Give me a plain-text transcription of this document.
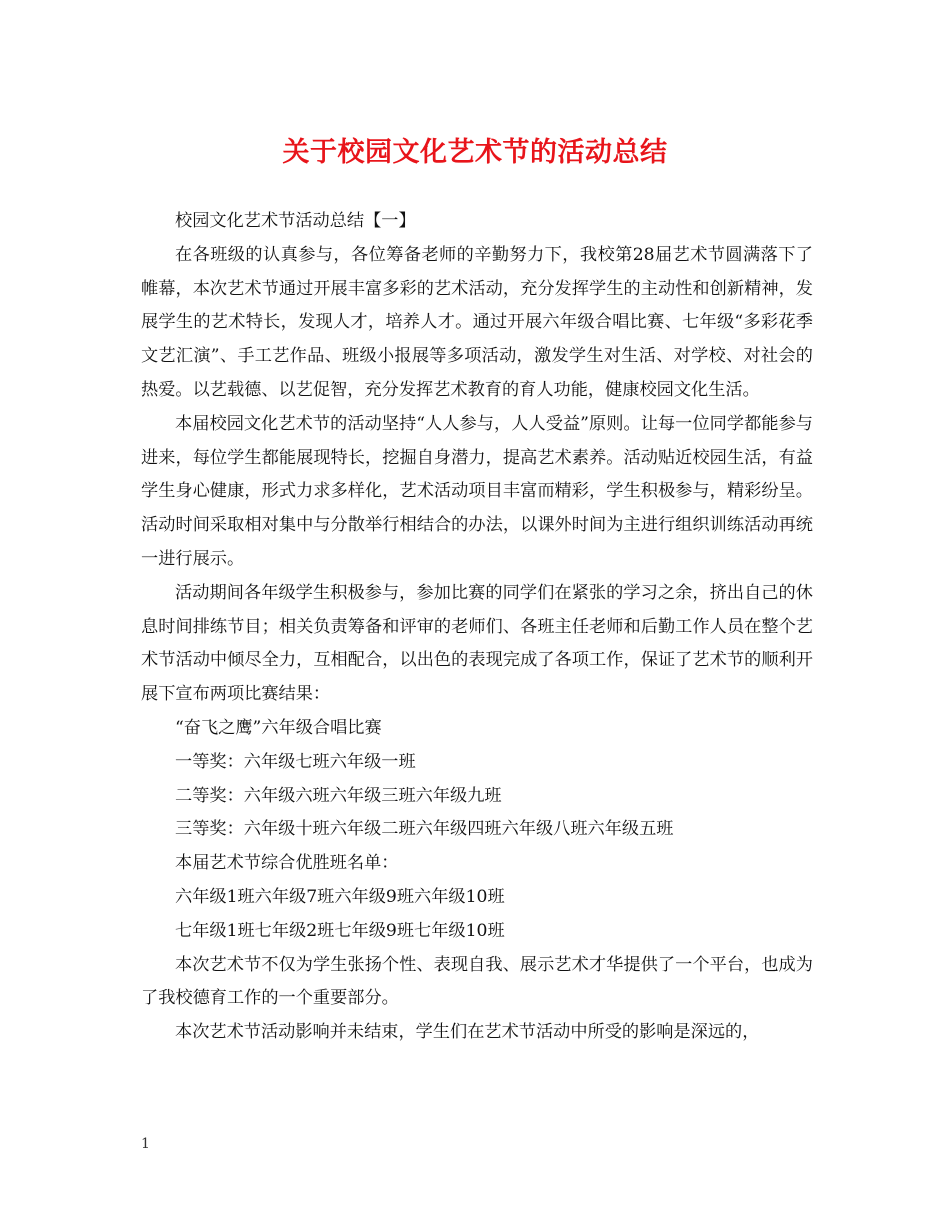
关于校园文化艺术节的活动总结

校园文化艺术节活动总结【一】

在各班级的认真参与，各位筹备老师的辛勤努力下，我校第28届艺术节圆满落下了帷幕，本次艺术节通过开展丰富多彩的艺术活动，充分发挥学生的主动性和创新精神，发展学生的艺术特长，发现人才，培养人才。通过开展六年级合唱比赛、七年级“多彩花季文艺汇演”、手工艺作品、班级小报展等多项活动，激发学生对生活、对学校、对社会的热爱。以艺载德、以艺促智，充分发挥艺术教育的育人功能，健康校园文化生活。

本届校园文化艺术节的活动坚持“人人参与，人人受益”原则。让每一位同学都能参与进来，每位学生都能展现特长，挖掘自身潜力，提高艺术素养。活动贴近校园生活，有益学生身心健康，形式力求多样化，艺术活动项目丰富而精彩，学生积极参与，精彩纷呈。活动时间采取相对集中与分散举行相结合的办法，以课外时间为主进行组织训练活动再统一进行展示。

活动期间各年级学生积极参与，参加比赛的同学们在紧张的学习之余，挤出自己的休息时间排练节目；相关负责筹备和评审的老师们、各班主任老师和后勤工作人员在整个艺术节活动中倾尽全力，互相配合，以出色的表现完成了各项工作，保证了艺术节的顺利开展下宣布两项比赛结果：

“奋飞之鹰”六年级合唱比赛

一等奖：六年级七班六年级一班

二等奖：六年级六班六年级三班六年级九班

三等奖：六年级十班六年级二班六年级四班六年级八班六年级五班

本届艺术节综合优胜班名单：

六年级1班六年级7班六年级9班六年级10班

七年级1班七年级2班七年级9班七年级10班

本次艺术节不仅为学生张扬个性、表现自我、展示艺术才华提供了一个平台，也成为了我校德育工作的一个重要部分。

本次艺术节活动影响并未结束，学生们在艺术节活动中所受的影响是深远的，

1
